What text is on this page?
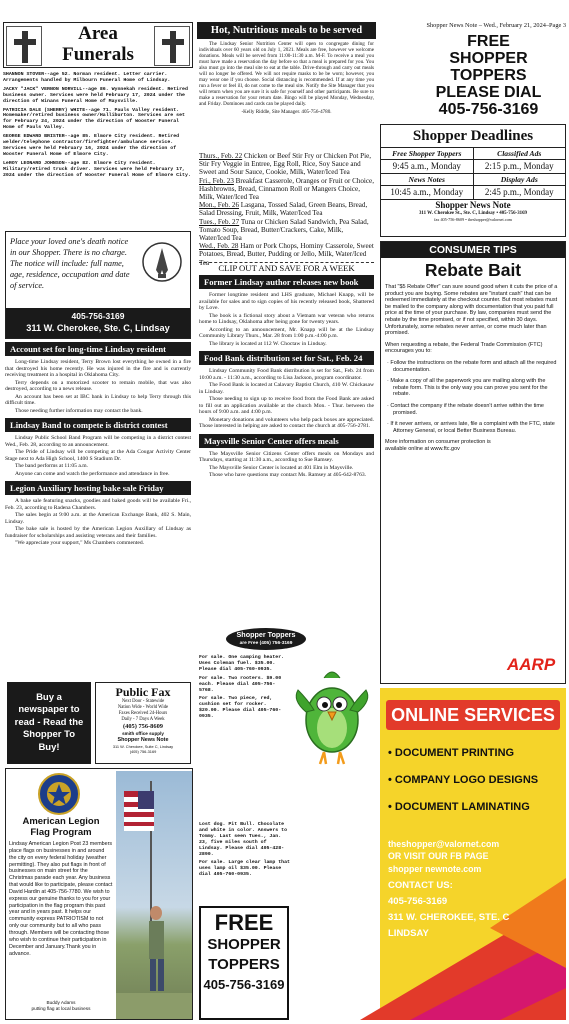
Area
Funerals

SHANNON STOVER--age 52. Norman resident. Letter carrier. Arrangements handled by Milbourn Funeral Home of Lindsay.

JACKY "JACK" VERNON NORVILL--age 86. Wynnekah resident. Retired business owner. Services were held February 17, 2024 under the direction of Winans Funeral Home of Maysville.

PATRICIA DALE (SHERRY) WHITE--age 71. Pauls Valley resident. Homemaker/retired business owner/Halliburton. Services are set for February 24, 2024 under the direction of Wooster Funeral Home of Pauls Valley.

GEORGE EDWARD BRISTER--age 85. Elmore City resident. Retired welder/telephone contractor/firefighter/ambulance service. Services were held February 16, 2024 under the direction of Wooster Funeral Home of Elmore City.

LeROY LEONARD JOHNSON--age 82. Elmore City resident. Military/retired truck driver. Services were held February 17, 2024 under the direction of Wooster Funeral Home of Elmore City.

Place your loved one's death notice in our Shopper. There is no charge. The notice will include: full name, age, residence, occupation and date of service.
405-756-3169
311 W. Cherokee, Ste. C, Lindsay
Account set for long-time Lindsay resident

Long-time Lindsay resident, Terry Brown lost everything he owned in a fire that destroyed his home recently. He was injured in the fire and is currently receiving treatment in a hospital in Oklahoma City.

Terry depends on a motorized scooter to remain mobile, that was also destroyed, according to a news release.

An account has been set at IBC bank in Lindsay to help Terry through this difficult time.

Those needing further information may contact the bank.

Lindsay Band to compete is district contest

Lindsay Public School Band Program will be competing in a district contest Wed., Feb. 28, according to an announcement.

The Pride of Lindsay will be competing at the Ada Cougar Activity Center Stage next to Ada High School, 1400 S Stadium Dr.

The band performs at 11:05 a.m.

Anyone can come and watch the performance and attendance in free.

Legion Auxiliary hosting bake sale Friday

A bake sale featuring snacks, goodies and baked goods will be available Fri., Feb. 23, according to Radena Chambers.

The sales begin at 9:00 a.m. at the American Exchange Bank, 402 S. Main, Lindsay.

The bake sale is hosted by the American Legion Auxillary of Lindsay as fundraiser for scholarships and assisting veterans and their families.

"We appreciate your support," Ms Chambers commented.

Buy a newspaper to read - Read the Shopper To Buy!
Public Fax
Next Door - Statewide
Nation Wide - World Wide
Faxes Received 24-Hours
Daily - 7 Days A Week
(405) 756-8609
smith office supply
Shopper News Note
311 W. Cherokee, Suite C, Lindsay
(405) 756-3169
American Legion
Flag Program
Lindsay American Legion Post 23 members place flags on businesses in and around the city on every federal holiday (weather permitting). They also put flags in front of businesses on main street for the Christmas parade each year. Any business that would like to participate, please contact David Hardin at 405-756-7780. We wish to express our genuine thanks to you for your participation in the flag program this past year and in years past. It helps our community express PATRIOTISM to not only our community but to all who pass through. Members will be contacting those who wish to continue their participation in December and January.Thank you in advance.
Buddy Adams
putting flag at local business
Hot, Nutritious meals to be served

The Lindsay Senior Nutrition Center will open to congregate dining for individuals over 60 years old on July 1, 2021. Meals are free, however we welcome donations. Meals will be served from 11:00-11:30 a.m. M-F. To receive a meal you must have made a reservation the day before so that a meal is prepared for you. You also must go into the meal site to eat at the table. Drive-through and carry out meals will no longer be offered. We will not require masks to be be worn; however, you may wear one if you choose. Social distancing is recommended. If at any time you run a fever or feel ill, do not come to the meal site. Notify the Site Manager that you will return when you are sure it is safe for yourself and other participants. Be sure to make a reservation for your return date. Bingo will be played Monday, Wednesday, and Friday. Dominoes and cards can be played daily.

-Kelly Riddle, Site Manager. 405-756-4780.

Thurs., Feb. 22 Chicken or Beef Stir Fry or Chicken Pot Pie, Stir Fry Veggie in Entree, Egg Roll, Rice, Soy Sauce and Sweet and Sour Sauce, Cookie, Milk, Water/Iced Tea
Fri., Feb. 23 Breakfast Casserole, Oranges or Fruit or Choice, Hashbrowns, Bread, Cinnamon Roll or Mangers Choice, Milk, Water/Iced Tea
Mon., Feb. 26 Lasgana, Tossed Salad, Green Beans, Bread, Salad Dressing, Fruit, Milk, Water/Iced Tea
Tues., Feb. 27 Tuna or Chicken Salad Sandwich, Pea Salad, Tomato Soup, Bread, Butter/Crackers, Cake, Milk, Water/Iced Tea
Wed., Feb. 28 Ham or Pork Chops, Hominy Casserole, Sweet Potatoes, Bread, Butter, Pudding or Jello, Milk, Water/Iced Tea
CLIP OUT AND SAVE FOR A WEEK
Former Lindsay author releases new book

Former longtime resident and LHS graduate, Michael Knapp, will be available for sales and to sign copies of his recently released book, Shattered by Love.

The book is a fictional story about a Vietnam war veteran who returns home to Lindsay, Oklahoma after being gone for twenty years.

According to an announcement, Mr. Knapp will be at the Lindsay Community Library Thurs., Mar. 28 from 1:00 p.m.-4:00 p.m.

The library is located at 112 W. Choctaw in Lindsay.

Food Bank distribution set for Sat., Feb. 24

Lindsay Community Food Bank distribution is set for Sat., Feb. 24 from 10:00 a.m. - 11:30 a.m., according to Lisa Jackson, program coordinator.

The Food Bank is located at Calavary Baptist Church, 410 W. Chickasaw in Lindsay.

Those needing to sign up to receive food from the Food Bank are asked to fill out an application available at the church Mon. - Thur. between the hours of 9:00 a.m. and 4:00 p.m.

Monetary donations and volunteers who help pack boxes are appreciated. Those interested in helping are asked to contact the church at 405-756-2781.

Maysville Senior Center offers meals

The Maysville Senior Citizens Center offers meals on Mondays and Thursdays, starting at 11:30 a.m., according to Sue Ramsey.

The Maysville Senior Center is located at 401 Elm in Maysville.

Those who have questions may contact Ms. Ramsey at 405-642-8763.

Shopper Toppers
are Free (405) 756-3169

For sale. One camping heater. Uses Coleman fuel. $35.00. Please dial 405-760-0935.

For sale. Two rooters. $9.00 each. Please dial 405-756-5768.

For sale. Two piece, red, cushion set for rocker. $20.00. Please dial 405-760-0935.

Lost dog. Pit Bull. Chocolate and white in color. Answers to Tommy. Last seen Tues., Jan. 23, five miles south of Lindsay. Please dial 405-428-2890.

For sale. Large clear lamp that uses lamp oil $35.00. Please dial 405-760-0935.

FREE
SHOPPER
TOPPERS
405-756-3169
Shopper News Note – Wed., February 21, 2024–Page 3
FREE
SHOPPER
TOPPERS
PLEASE DIAL
405-756-3169
Shopper Deadlines
Free Shopper Toppers
9:45 a.m., Monday
News Notes
10:45 a.m., Monday
Classified Ads
2:15 p.m., Monday
Display Ads
2:45 p.m., Monday
Shopper News Note
311 W. Cherokee St., Ste. C, Lindsay • 405-756-3169
fax 405-756-8609 • theshopper@valornet.com
CONSUMER TIPS
Rebate Bait
That "$5 Rebate Offer" can sure sound good when it cuts the price of a product you are buying. Some rebates are "instant cash" that can be redeemed immediately at the checkout counter. But most rebates must be mailed to the company along with documentation that you paid full price at the time of your purchase. By law, companies must send the rebate by the time promised, or if not specified, within 30 days. Unfortunately, some rebates never arrive, or come much later than promised.
When requesting a rebate, the Federal Trade Commission (FTC) encourages you to:
· Follow the instructions on the rebate form and attach all the required documentation.
· Make a copy of all the paperwork you are mailing along with the rebate form. This is the only way you can prove you sent for the rebate.
· Contact the company if the rebate doesn't arrive within the time promised.
· If it never arrives, or arrives late, file a complaint with the FTC, state Attorney General, or local Better Business Bureau.
More information on consumer protection is available online at www.ftc.gov
AARP
ONLINE SERVICES
• DOCUMENT PRINTING
• COMPANY LOGO DESIGNS
• DOCUMENT LAMINATING
theshopper@valornet.com
OR VISIT OUR FB PAGE
shopper newnote.com
CONTACT US:
405-756-3169
311 W. CHEROKEE, STE. C
LINDSAY
